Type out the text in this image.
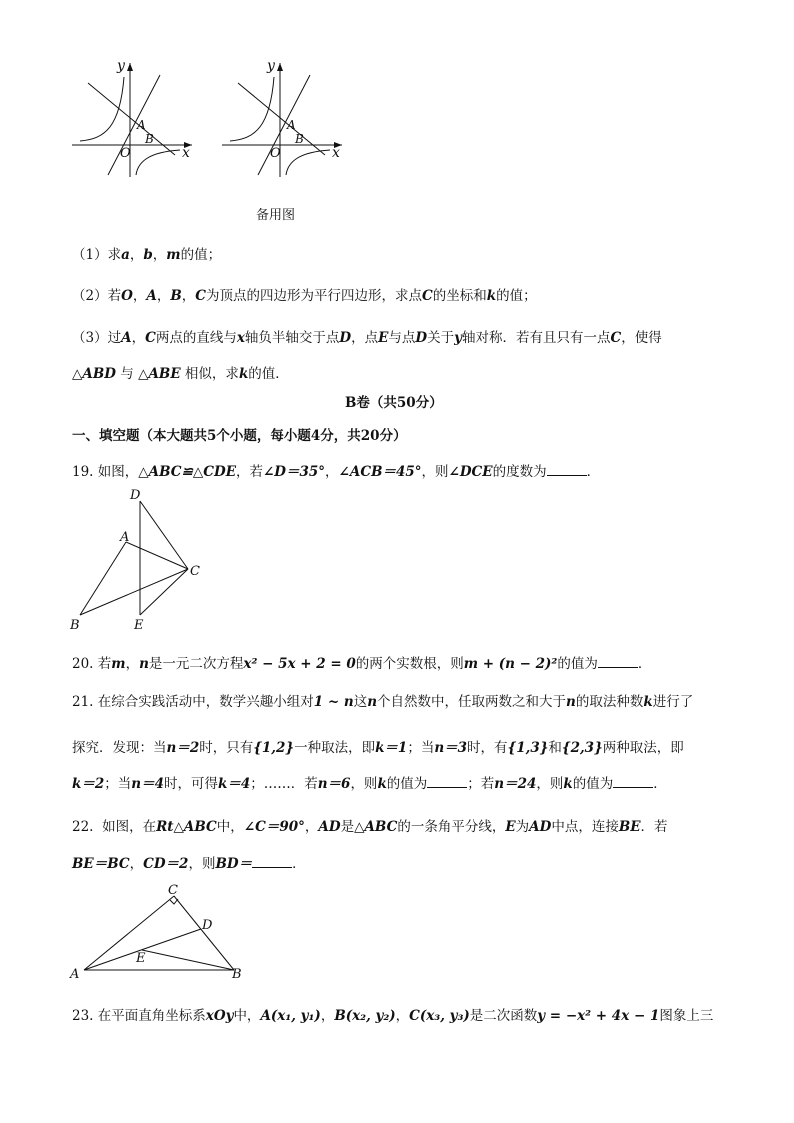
y
x
O
A
B
y
x
O
A
B
备用图
（1）求a，b，m的值；
（2）若O，A，B，C为顶点的四边形为平行四边形，求点C的坐标和k的值；
（3）过A，C两点的直线与x轴负半轴交于点D，点E与点D关于y轴对称．若有且只有一点C，使得
△ABD 与 △ABE 相似，求k的值．
B卷（共50分）
一、填空题（本大题共5个小题，每小题4分，共20分）
19. 如图，△ABC≌△CDE，若∠D＝35°，∠ACB＝45°，则∠DCE的度数为	．
D
A
C
B	E
20. 若m，n是一元二次方程x² − 5x + 2 = 0的两个实数根，则m + (n − 2)²的值为	．
21. 在综合实践活动中，数学兴趣小组对1 ~ n这n个自然数中，任取两数之和大于n的取法种数k进行了
探究．发现：当n＝2时，只有{1,2}一种取法，即k＝1；当n＝3时，有{1,3}和{2,3}两种取法，即
k＝2；当n＝4时，可得k＝4；……．若n＝6，则k的值为	；若n＝24，则k的值为	．
22. 如图，在Rt△ABC中，∠C＝90°，AD是△ABC的一条角平分线，E为AD中点，连接BE．若
BE＝BC，CD＝2，则BD＝	．
C
D
E
A	B
23. 在平面直角坐标系xOy中，A(x₁, y₁)，B(x₂, y₂)，C(x₃, y₃)是二次函数y = −x² + 4x − 1图象上三
